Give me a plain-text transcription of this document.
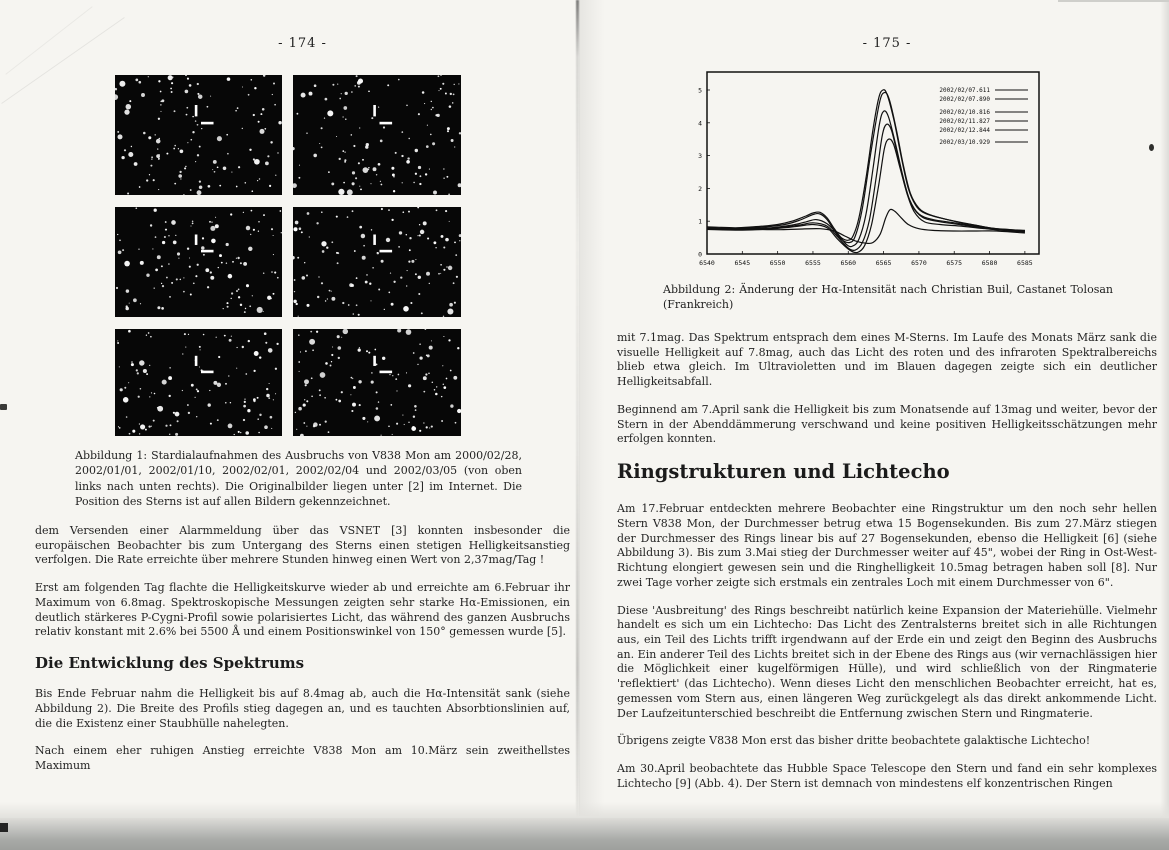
- 174 -
Abbildung 1: Stardialaufnahmen des Ausbruchs von V838 Mon am 2000/02/28, 2002/01/01, 2002/01/10, 2002/02/01, 2002/02/04 und 2002/03/05 (von oben links nach unten rechts). Die Originalbilder liegen unter [2] im Internet. Die Position des Sterns ist auf allen Bildern gekennzeichnet.

dem Versenden einer Alarmmeldung über das VSNET [3] konnten insbesonder die europäischen Beobachter bis zum Untergang des Sterns einen stetigen Helligkeitsanstieg verfolgen. Die Rate erreichte über mehrere Stunden hinweg einen Wert von 2,37mag/Tag !

Erst am folgenden Tag flachte die Helligkeitskurve wieder ab und erreichte am 6.Februar ihr Maximum von 6.8mag. Spektroskopische Messungen zeigten sehr starke Hα-Emissionen, ein deutlich stärkeres P-Cygni-Profil sowie polarisiertes Licht, das während des ganzen Ausbruchs relativ konstant mit 2.6% bei 5500 Å und einem Positionswinkel von 150° gemessen wurde [5].

Die Entwicklung des Spektrums

Bis Ende Februar nahm die Helligkeit bis auf 8.4mag ab, auch die Hα-Intensität sank (siehe Abbildung 2). Die Breite des Profils stieg dagegen an, und es tauchten Absorbtionslinien auf, die die Existenz einer Staubhülle nahelegten.

Nach einem eher ruhigen Anstieg erreichte V838 Mon am 10.März sein zweithellstes Maximum

- 175 -
6540	6545	6550	6555	6560	6565	6570	6575	6580	6585
0
1
2
3
4
5	2002/02/07.611
2002/02/07.890
2002/02/10.816
2002/02/11.827
2002/02/12.844
2002/03/10.929
Abbildung 2: Änderung der Hα-Intensität nach Christian Buil, Castanet Tolosan (Frankreich)

mit 7.1mag. Das Spektrum entsprach dem eines M-Sterns. Im Laufe des Monats März sank die visuelle Helligkeit auf 7.8mag, auch das Licht des roten und des infraroten Spektralbereichs blieb etwa gleich. Im Ultravioletten und im Blauen dagegen zeigte sich ein deutlicher Helligkeitsabfall.

Beginnend am 7.April sank die Helligkeit bis zum Monatsende auf 13mag und weiter, bevor der Stern in der Abenddämmerung verschwand und keine positiven Helligkeitsschätzungen mehr erfolgen konnten.

Ringstrukturen und Lichtecho

Am 17.Februar entdeckten mehrere Beobachter eine Ringstruktur um den noch sehr hellen Stern V838 Mon, der Durchmesser betrug etwa 15 Bogensekunden. Bis zum 27.März stiegen der Durchmesser des Rings linear bis auf 27 Bogensekunden, ebenso die Helligkeit [6] (siehe Abbildung 3). Bis zum 3.Mai stieg der Durchmesser weiter auf 45", wobei der Ring in Ost-West-Richtung elongiert gewesen sein und die Ringhelligkeit 10.5mag betragen haben soll [8]. Nur zwei Tage vorher zeigte sich erstmals ein zentrales Loch mit einem Durchmesser von 6".

Diese 'Ausbreitung' des Rings beschreibt natürlich keine Expansion der Materiehülle. Vielmehr handelt es sich um ein Lichtecho: Das Licht des Zentralsterns breitet sich in alle Richtungen aus, ein Teil des Lichts trifft irgendwann auf der Erde ein und zeigt den Beginn des Ausbruchs an. Ein anderer Teil des Lichts breitet sich in der Ebene des Rings aus (wir vernachlässigen hier die Möglichkeit einer kugelförmigen Hülle), und wird schließlich von der Ringmaterie 'reflektiert' (das Lichtecho). Wenn dieses Licht den menschlichen Beobachter erreicht, hat es, gemessen vom Stern aus, einen längeren Weg zurückgelegt als das direkt ankommende Licht. Der Laufzeitunterschied beschreibt die Entfernung zwischen Stern und Ringmaterie.

Übrigens zeigte V838 Mon erst das bisher dritte beobachtete galaktische Lichtecho!

Am 30.April beobachtete das Hubble Space Telescope den Stern und fand ein sehr komplexes Lichtecho [9] (Abb. 4). Der Stern ist demnach von mindestens elf konzentrischen Ringen
